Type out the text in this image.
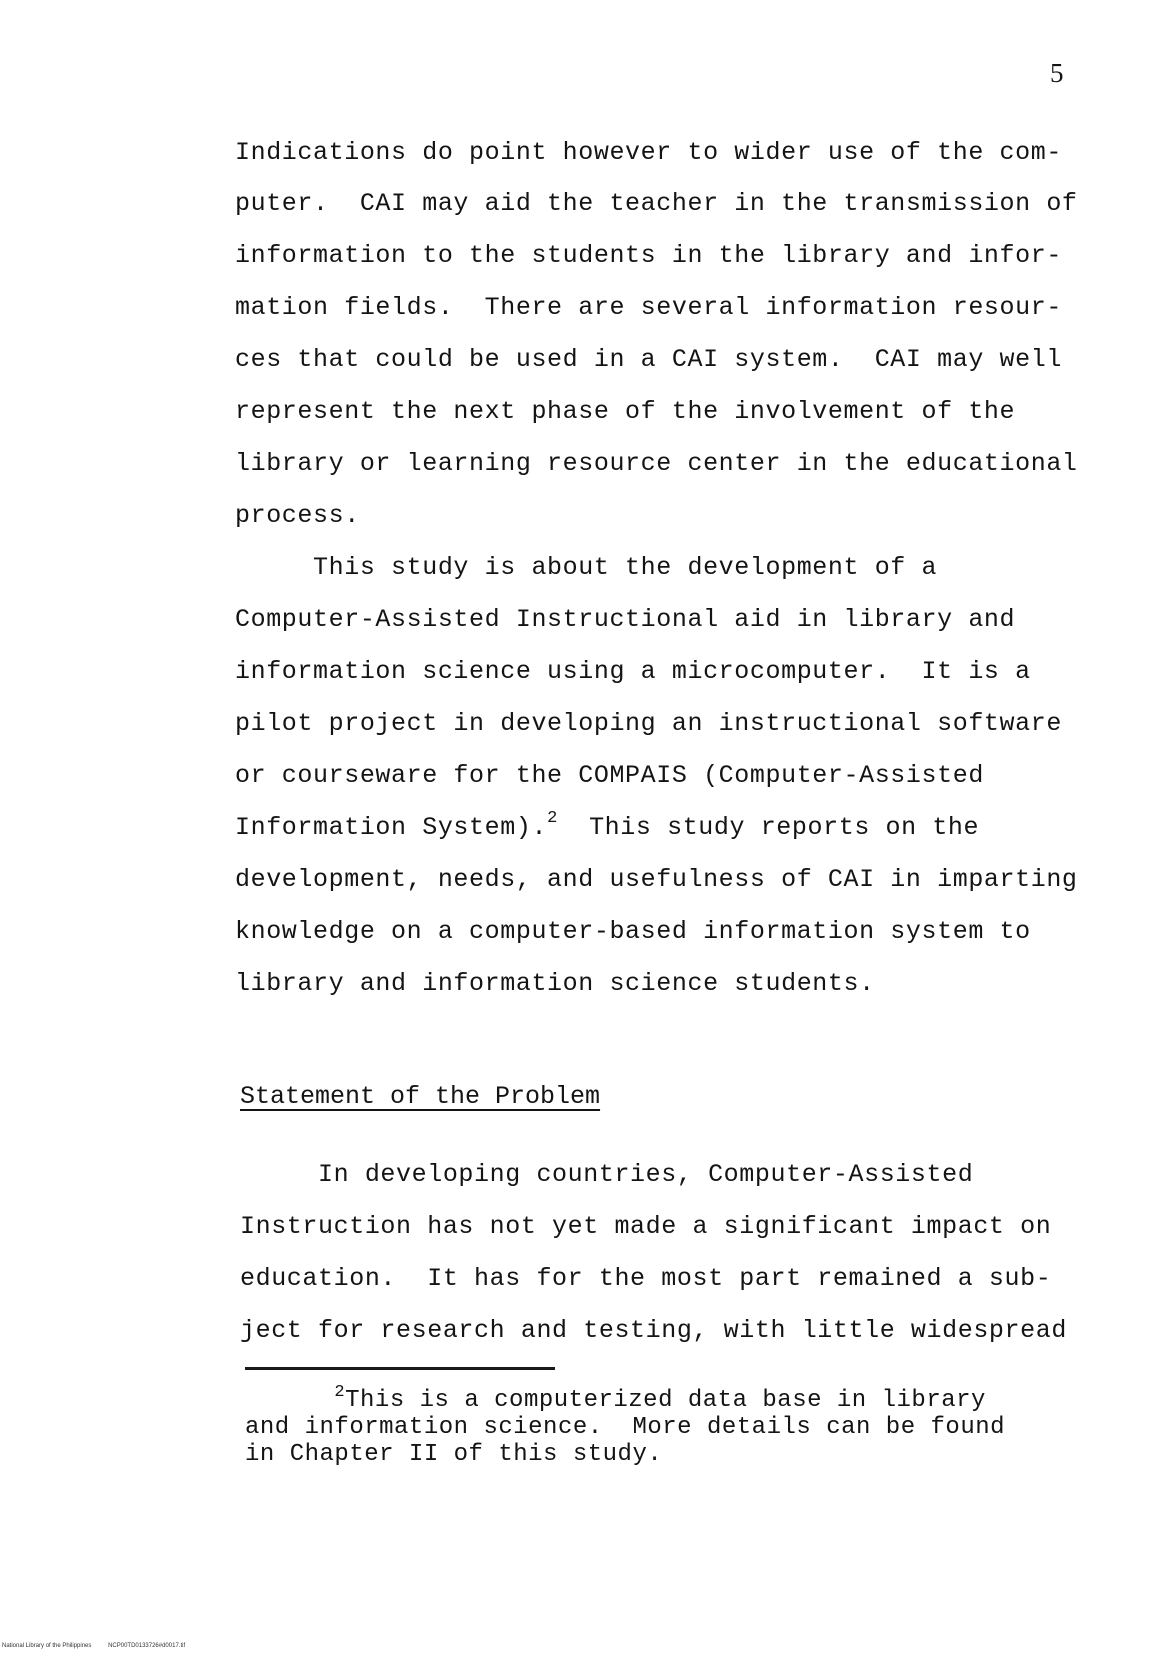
5
Indications do point however to wider use of the com-
puter.  CAI may aid the teacher in the transmission of
information to the students in the library and infor-
mation fields.  There are several information resour-
ces that could be used in a CAI system.  CAI may well
represent the next phase of the involvement of the
library or learning resource center in the educational
process.
This study is about the development of a
Computer-Assisted Instructional aid in library and
information science using a microcomputer.  It is a
pilot project in developing an instructional software
or courseware for the COMPAIS (Computer-Assisted
Information System).$^2$  This study reports on the
development, needs, and usefulness of CAI in imparting
knowledge on a computer-based information system to
library and information science students.
Statement of the Problem
In developing countries, Computer-Assisted
Instruction has not yet made a significant impact on
education.  It has for the most part remained a sub-
ject for research and testing, with little widespread
$^2$This is a computerized data base in library
and information science.  More details can be found
in Chapter II of this study.
National Library of the Philippines	NCP00TD0133726#d0017.tif
